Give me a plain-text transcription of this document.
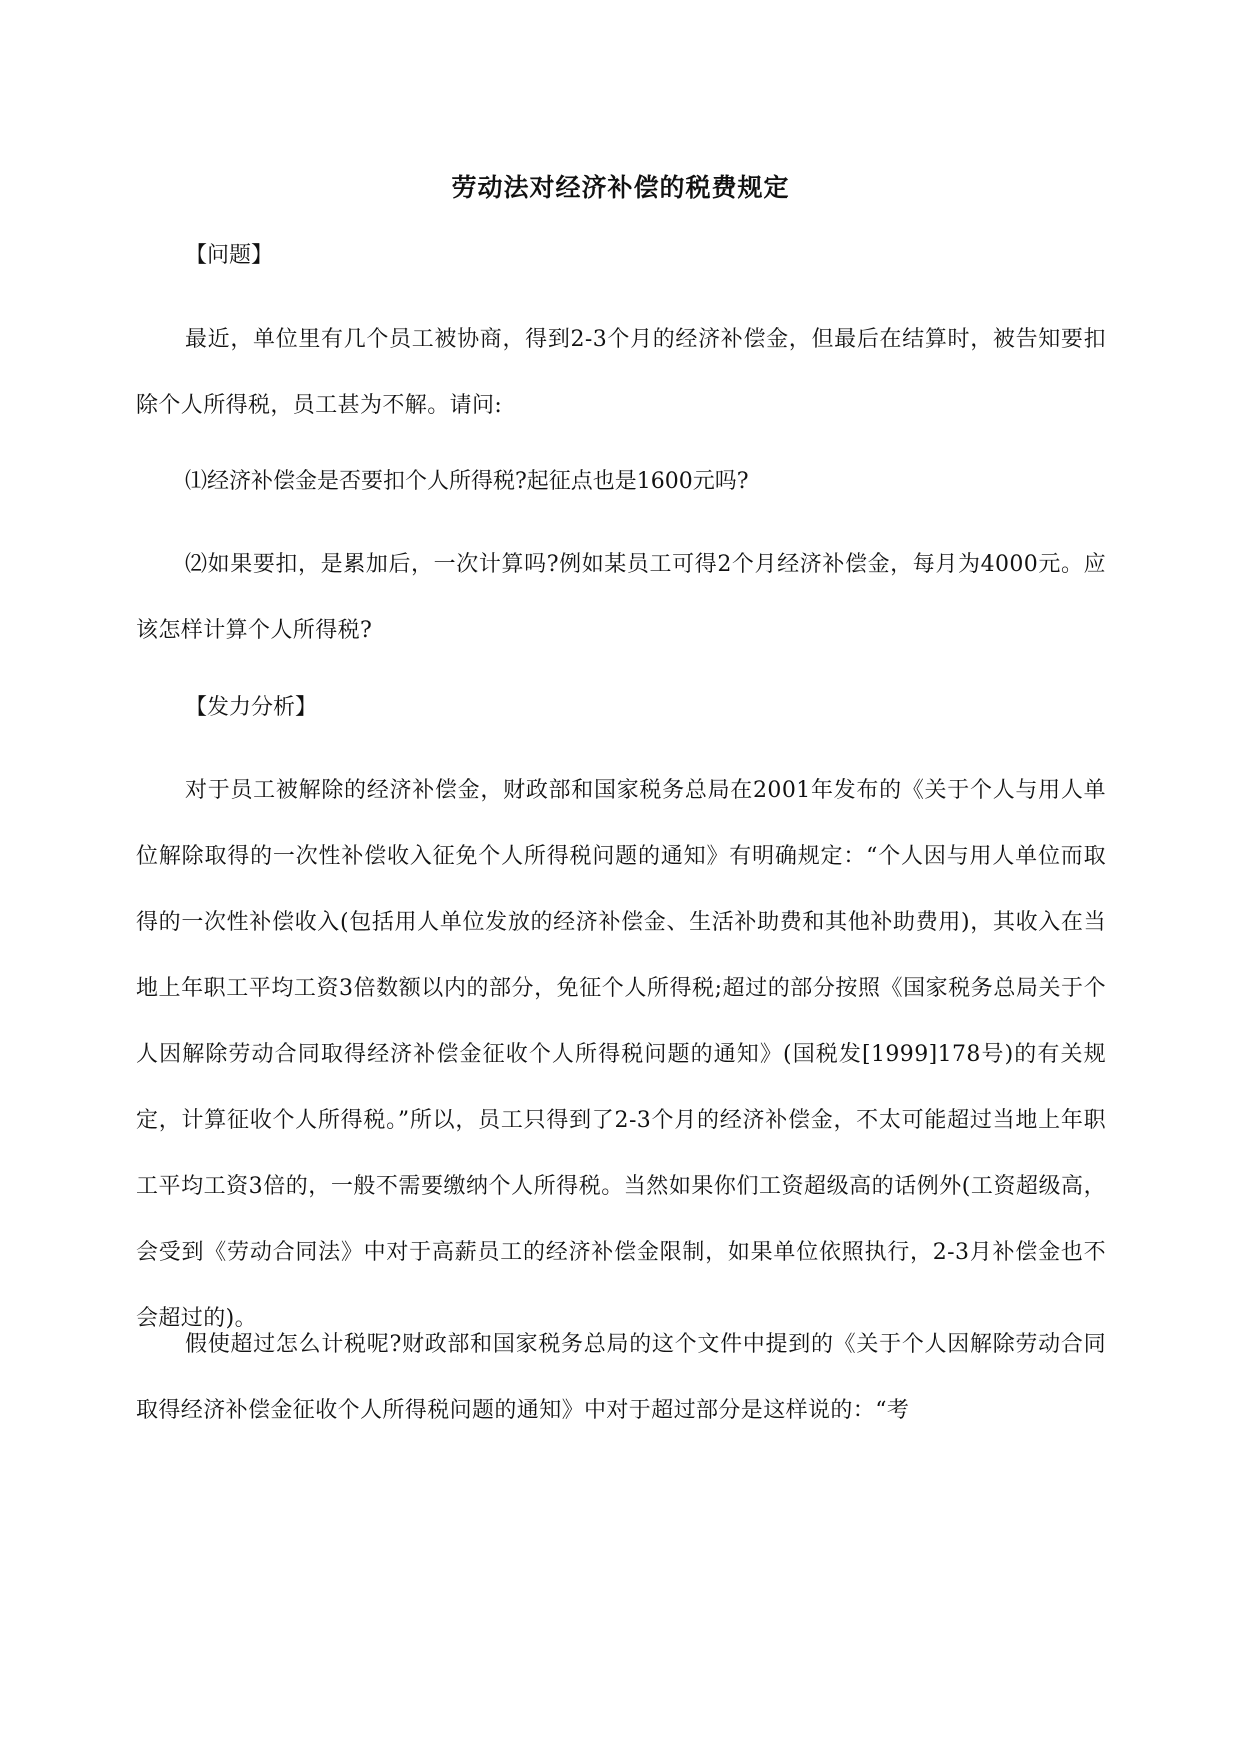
劳动法对经济补偿的税费规定

【问题】

最近，单位里有几个员工被协商，得到2-3个月的经济补偿金，但最后在结算时，被告知要扣除个人所得税，员工甚为不解。请问:

⑴经济补偿金是否要扣个人所得税?起征点也是1600元吗?

⑵如果要扣，是累加后，一次计算吗?例如某员工可得2个月经济补偿金，每月为4000元。应该怎样计算个人所得税?

【发力分析】

对于员工被解除的经济补偿金，财政部和国家税务总局在2001年发布的《关于个人与用人单位解除取得的一次性补偿收入征免个人所得税问题的通知》有明确规定：“个人因与用人单位而取得的一次性补偿收入(包括用人单位发放的经济补偿金、生活补助费和其他补助费用)，其收入在当地上年职工平均工资3倍数额以内的部分，免征个人所得税;超过的部分按照《国家税务总局关于个人因解除劳动合同取得经济补偿金征收个人所得税问题的通知》(国税发[1999]178号)的有关规定，计算征收个人所得税。”所以，员工只得到了2-3个月的经济补偿金，不太可能超过当地上年职工平均工资3倍的，一般不需要缴纳个人所得税。当然如果你们工资超级高的话例外(工资超级高，会受到《劳动合同法》中对于高薪员工的经济补偿金限制，如果单位依照执行，2-3月补偿金也不会超过的)。

假使超过怎么计税呢?财政部和国家税务总局的这个文件中提到的《关于个人因解除劳动合同取得经济补偿金征收个人所得税问题的通知》中对于超过部分是这样说的：“考
